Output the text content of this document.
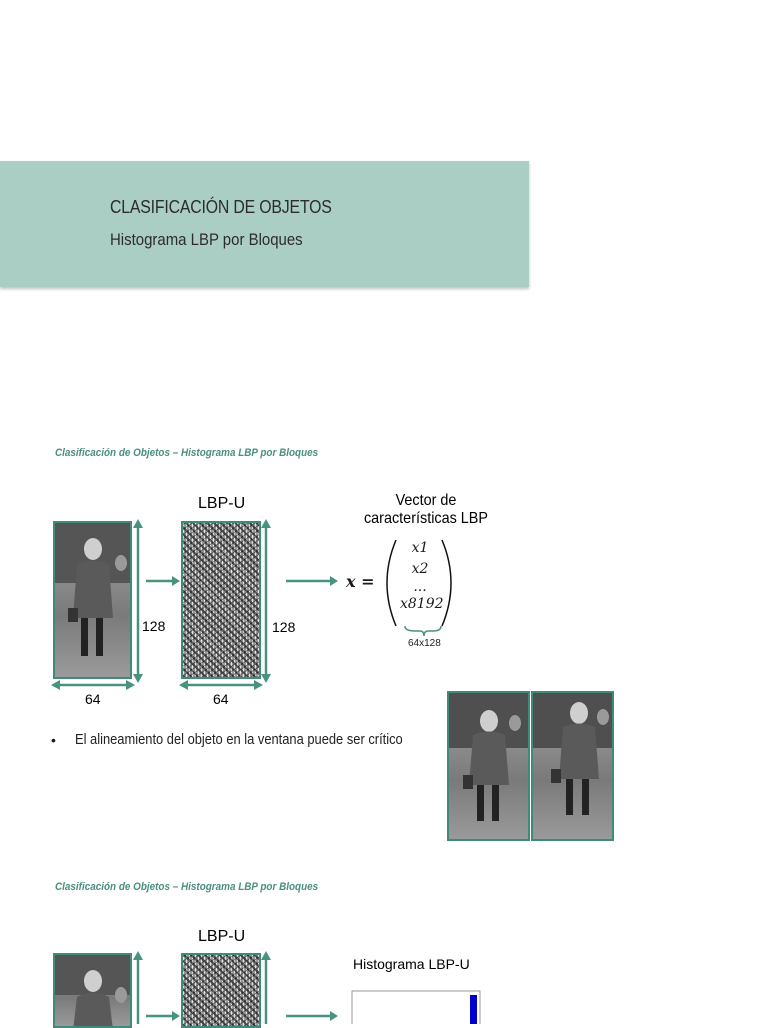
CLASIFICACIÓN DE OBJETOS
Histograma LBP por Bloques
Clasificación de Objetos – Histograma LBP por Bloques
LBP-U	Vector de
características LBP
128	128
64	64
x =
x1
x2
...
x8192
64x128
• El alineamiento del objeto en la ventana puede ser crítico
Clasificación de Objetos – Histograma LBP por Bloques
LBP-U
Histograma LBP-U
